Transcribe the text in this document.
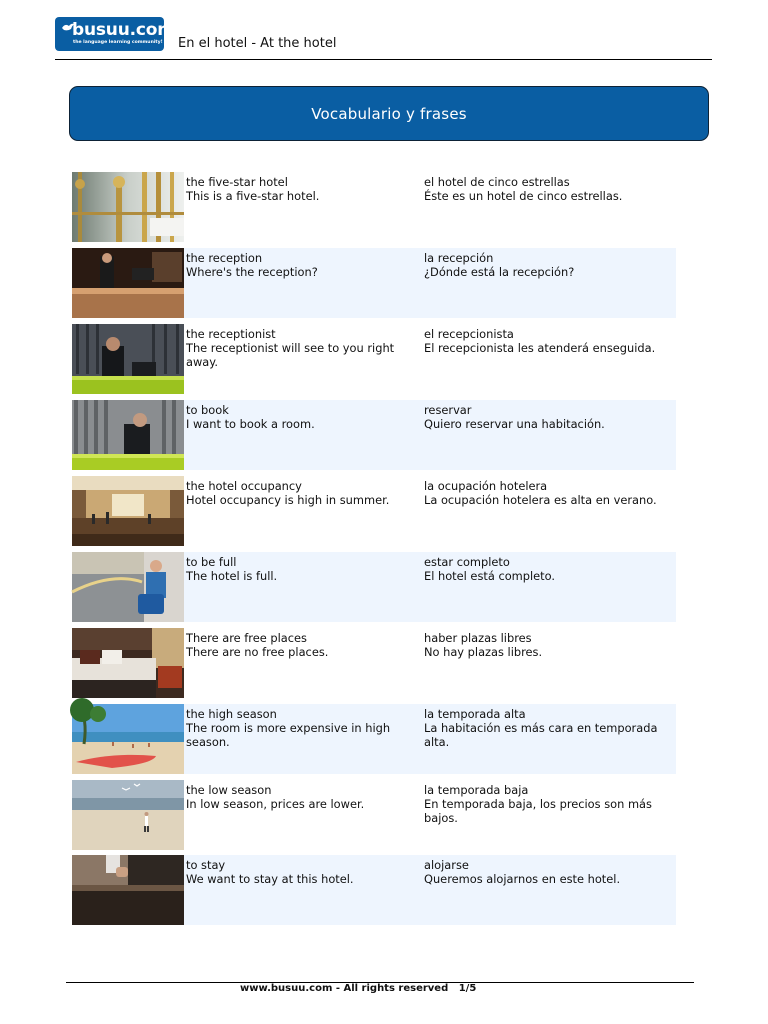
busuu.com
the language learning community! En el hotel - At the hotel
Vocabulario y frases
the five-star hotel
This is a five-star hotel.
el hotel de cinco estrellas
Éste es un hotel de cinco estrellas.
the reception
Where's the reception?
la recepción
¿Dónde está la recepción?
the receptionist
The receptionist will see to you right away.
el recepcionista
El recepcionista les atenderá enseguida.
to book
I want to book a room.
reservar
Quiero reservar una habitación.
the hotel occupancy
Hotel occupancy is high in summer.
la ocupación hotelera
La ocupación hotelera es alta en verano.
to be full
The hotel is full.
estar completo
El hotel está completo.
There are free places
There are no free places.
haber plazas libres
No hay plazas libres.
the high season
The room is more expensive in high season.
la temporada alta
La habitación es más cara en temporada alta.
the low season
In low season, prices are lower.
la temporada baja
En temporada baja, los precios son más bajos.
to stay
We want to stay at this hotel.
alojarse
Queremos alojarnos en este hotel.
www.busuu.com - All rights reserved 1/5
